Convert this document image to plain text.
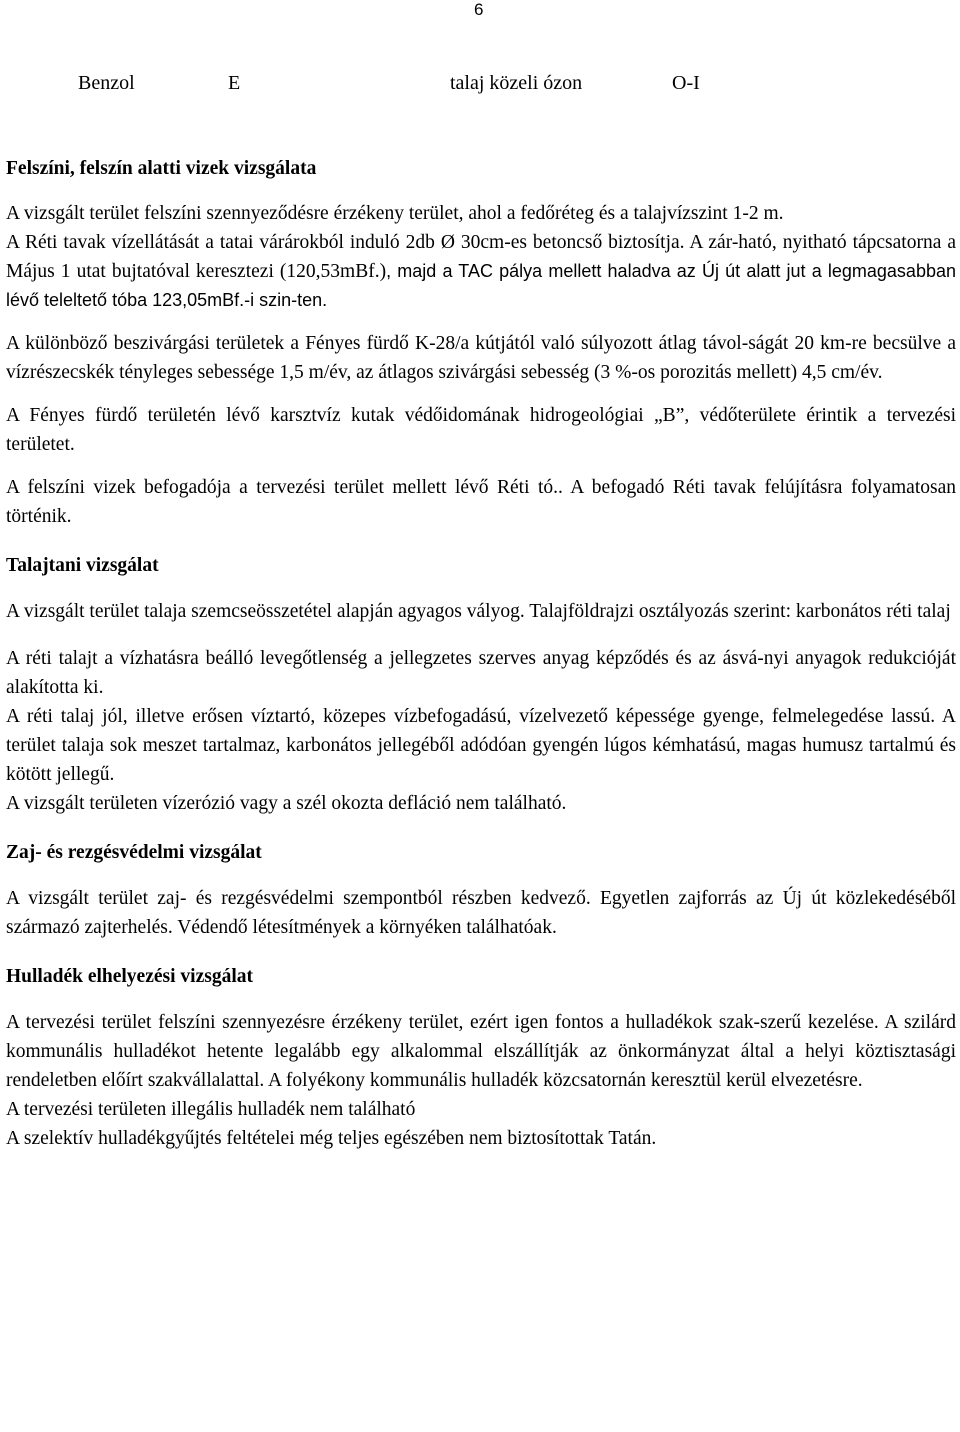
6
Benzol	E	talaj közeli ózon	O-I
Felszíni, felszín alatti vizek vizsgálata

A vizsgált terület felszíni szennyeződésre érzékeny terület, ahol a fedőréteg és a talajvízszint 1-2 m.

A Réti tavak vízellátását a tatai várárokból induló 2db Ø 30cm-es betoncső biztosítja. A zár-ható, nyitható tápcsatorna a Május 1 utat bujtatóval keresztezi (120,53mBf.), majd a TAC pálya mellett haladva az Új út alatt jut a legmagasabban lévő teleltető tóba 123,05mBf.-i szin-ten.

A különböző beszivárgási területek a Fényes fürdő K-28/a kútjától való súlyozott átlag távol-ságát 20 km-re becsülve a vízrészecskék tényleges sebessége 1,5 m/év, az átlagos szivárgási sebesség (3 %-os porozitás mellett) 4,5 cm/év.

A Fényes fürdő területén lévő karsztvíz kutak védőidomának hidrogeológiai „B”, védőterülete érintik a tervezési területet.

A felszíni vizek befogadója a tervezési terület mellett lévő Réti tó.. A befogadó Réti tavak felújításra folyamatosan történik.

Talajtani vizsgálat

A vizsgált terület talaja szemcseösszetétel alapján agyagos vályog. Talajföldrajzi osztályozás szerint: karbonátos réti talaj

A réti talajt a vízhatásra beálló levegőtlenség a jellegzetes szerves anyag képződés és az ásvá-nyi anyagok redukcióját alakította ki.

A réti talaj jól, illetve erősen víztartó, közepes vízbefogadású, vízelvezető képessége gyenge, felmelegedése lassú. A terület talaja sok meszet tartalmaz, karbonátos jellegéből adódóan gyengén lúgos kémhatású, magas humusz tartalmú és kötött jellegű.

A vizsgált területen vízerózió vagy a szél okozta defláció nem található.

Zaj- és rezgésvédelmi vizsgálat

A vizsgált terület zaj- és rezgésvédelmi szempontból részben kedvező. Egyetlen zajforrás az Új út közlekedéséből származó zajterhelés. Védendő létesítmények a környéken találhatóak.

Hulladék elhelyezési vizsgálat

A tervezési terület felszíni szennyezésre érzékeny terület, ezért igen fontos a hulladékok szak-szerű kezelése. A szilárd kommunális hulladékot hetente legalább egy alkalommal elszállítják az önkormányzat által a helyi köztisztasági rendeletben előírt szakvállalattal. A folyékony kommunális hulladék közcsatornán keresztül kerül elvezetésre.

A tervezési területen illegális hulladék nem található

A szelektív hulladékgyűjtés feltételei még teljes egészében nem biztosítottak Tatán.
